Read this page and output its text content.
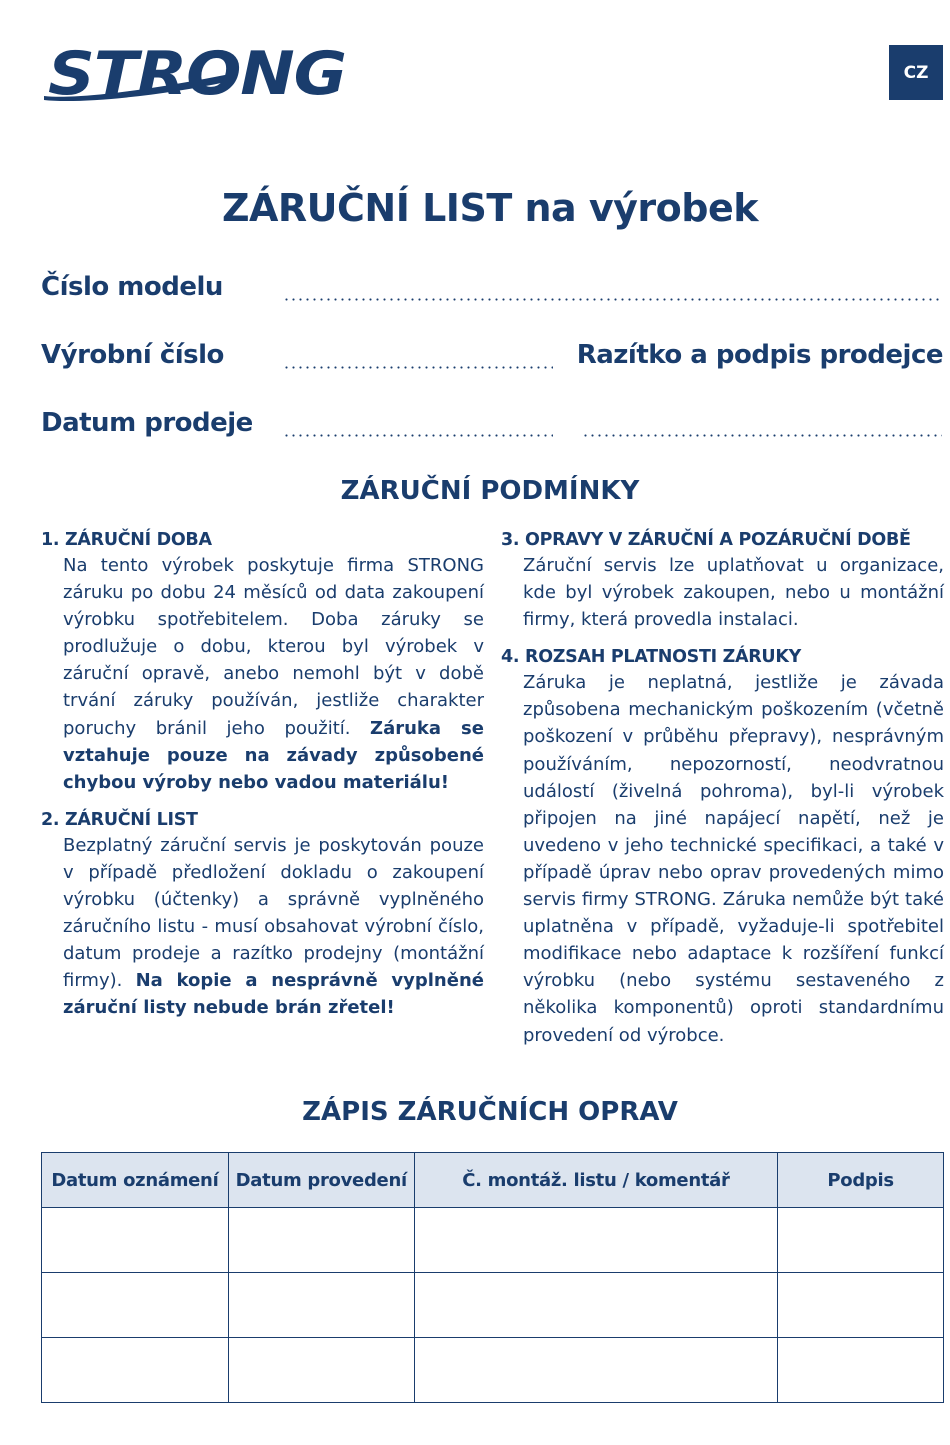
STRONG	CZ
ZÁRUČNÍ LIST na výrobek
Číslo modelu
Výrobní číslo	Razítko a podpis prodejce
Datum prodeje
ZÁRUČNÍ PODMÍNKY

1. ZÁRUČNÍ DOBA

Na tento výrobek poskytuje firma STRONG záruku po dobu 24 měsíců od data zakoupení výrobku spotřebitelem. Doba záruky se prodlužuje o dobu, kterou byl výrobek v záruční opravě, anebo nemohl být v době trvání záruky používán, jestliže charakter poruchy bránil jeho použití. Záruka se vztahuje pouze na závady způsobené chybou výroby nebo vadou materiálu!

2. ZÁRUČNÍ LIST

Bezplatný záruční servis je poskytován pouze v případě předložení dokladu o zakoupení výrobku (účtenky) a správně vyplněného záručního listu - musí obsahovat výrobní číslo, datum prodeje a razítko prodejny (montážní firmy). Na kopie a nesprávně vyplněné záruční listy nebude brán zřetel!

3. OPRAVY V ZÁRUČNÍ A POZÁRUČNÍ DOBĚ

Záruční servis lze uplatňovat u organizace, kde byl výrobek zakoupen, nebo u montážní firmy, která provedla instalaci.

4. ROZSAH PLATNOSTI ZÁRUKY

Záruka je neplatná, jestliže je závada způsobena mechanickým poškozením (včetně poškození v průběhu přepravy), nesprávným používáním, nepozorností, neodvratnou událostí (živelná pohroma), byl-li výrobek připojen na jiné napájecí napětí, než je uvedeno v jeho technické specifikaci, a také v případě úprav nebo oprav provedených mimo servis firmy STRONG. Záruka nemůže být také uplatněna v případě, vyžaduje-li spotřebitel modifikace nebo adaptace k rozšíření funkcí výrobku (nebo systému sestaveného z několika komponentů) oproti standardnímu provedení od výrobce.

ZÁPIS ZÁRUČNÍCH OPRAV
Datum oznámení	Datum provedení	Č. montáž. listu / komentář	Podpis
